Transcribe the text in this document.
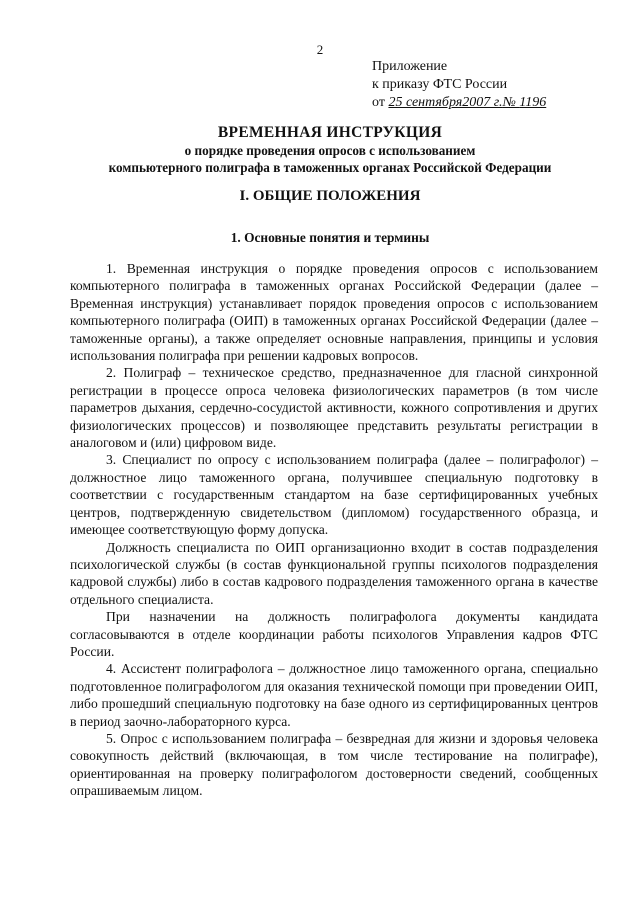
2
Приложение
к приказу ФТС России
от 25 сентября2007 г.№ 1196
ВРЕМЕННАЯ ИНСТРУКЦИЯ
о порядке проведения опросов с использованием
компьютерного полиграфа в таможенных органах Российской Федерации
I. ОБЩИЕ ПОЛОЖЕНИЯ
1. Основные понятия и термины

1. Временная инструкция о порядке проведения опросов с использованием компьютерного полиграфа в таможенных органах Российской Федерации (далее – Временная инструкция) устанавливает порядок проведения опросов с использованием компьютерного полиграфа (ОИП) в таможенных органах Российской Федерации (далее – таможенные органы), а также определяет основные направления, принципы и условия использования полиграфа при решении кадровых вопросов.

2. Полиграф – техническое средство, предназначенное для гласной синхронной регистрации в процессе опроса человека физиологических параметров (в том числе параметров дыхания, сердечно-сосудистой активности, кожного сопротивления и других физиологических процессов) и позволяющее представить результаты регистрации в аналоговом и (или) цифровом виде.

3. Специалист по опросу с использованием полиграфа (далее – полиграфолог) – должностное лицо таможенного органа, получившее специальную подготовку в соответствии с государственным стандартом на базе сертифицированных учебных центров, подтвержденную свидетельством (дипломом) государственного образца, и имеющее соответствующую форму допуска.

Должность специалиста по ОИП организационно входит в состав подразделения психологической службы (в состав функциональной группы психологов подразделения кадровой службы) либо в состав кадрового подразделения таможенного органа в качестве отдельного специалиста.

При назначении на должность полиграфолога документы кандидата согласовываются в отделе координации работы психологов Управления кадров ФТС России.

4. Ассистент полиграфолога – должностное лицо таможенного органа, специально подготовленное полиграфологом для оказания технической помощи при проведении ОИП, либо прошедший специальную подготовку на базе одного из сертифицированных центров в период заочно-лабораторного курса.

5. Опрос с использованием полиграфа – безвредная для жизни и здоровья человека совокупность действий (включающая, в том числе тестирование на полиграфе), ориентированная на проверку полиграфологом достоверности сведений, сообщенных опрашиваемым лицом.
